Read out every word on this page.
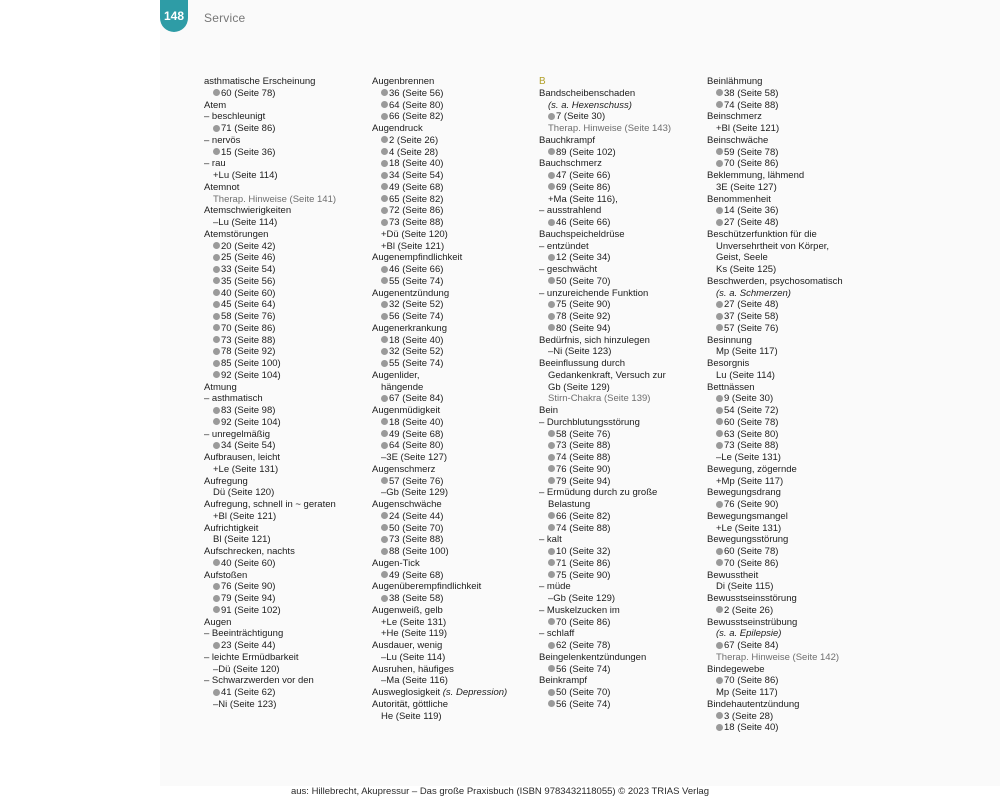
148	Service
asthmatische Erscheinung
60 (Seite 78)
Atem
– beschleunigt
71 (Seite 86)
– nervös
15 (Seite 36)
– rau
+Lu (Seite 114)
Atemnot
Therap. Hinweise (Seite 141)
Atemschwierigkeiten
–Lu (Seite 114)
Atemstörungen
20 (Seite 42)
25 (Seite 46)
33 (Seite 54)
35 (Seite 56)
40 (Seite 60)
45 (Seite 64)
58 (Seite 76)
70 (Seite 86)
73 (Seite 88)
78 (Seite 92)
85 (Seite 100)
92 (Seite 104)
Atmung
– asthmatisch
83 (Seite 98)
92 (Seite 104)
– unregelmäßig
34 (Seite 54)
Aufbrausen, leicht
+Le (Seite 131)
Aufregung
Dü (Seite 120)
Aufregung, schnell in ~ geraten
+Bl (Seite 121)
Aufrichtigkeit
Bl (Seite 121)
Aufschrecken, nachts
40 (Seite 60)
Aufstoßen
76 (Seite 90)
79 (Seite 94)
91 (Seite 102)
Augen
– Beeinträchtigung
23 (Seite 44)
– leichte Ermüdbarkeit
–Dü (Seite 120)
– Schwarzwerden vor den
41 (Seite 62)
–Ni (Seite 123)
Augenbrennen
36 (Seite 56)
64 (Seite 80)
66 (Seite 82)
Augendruck
2 (Seite 26)
4 (Seite 28)
18 (Seite 40)
34 (Seite 54)
49 (Seite 68)
65 (Seite 82)
72 (Seite 86)
73 (Seite 88)
+Dü (Seite 120)
+Bl (Seite 121)
Augenempfindlichkeit
46 (Seite 66)
55 (Seite 74)
Augenentzündung
32 (Seite 52)
56 (Seite 74)
Augenerkrankung
18 (Seite 40)
32 (Seite 52)
55 (Seite 74)
Augenlider,
hängende
67 (Seite 84)
Augenmüdigkeit
18 (Seite 40)
49 (Seite 68)
64 (Seite 80)
–3E (Seite 127)
Augenschmerz
57 (Seite 76)
–Gb (Seite 129)
Augenschwäche
24 (Seite 44)
50 (Seite 70)
73 (Seite 88)
88 (Seite 100)
Augen-Tick
49 (Seite 68)
Augenüberempfindlichkeit
38 (Seite 58)
Augenweiß, gelb
+Le (Seite 131)
+He (Seite 119)
Ausdauer, wenig
–Lu (Seite 114)
Ausruhen, häufiges
–Ma (Seite 116)
Ausweglosigkeit (s. Depression)
Autorität, göttliche
He (Seite 119)
B
Bandscheibenschaden
(s. a. Hexenschuss)
7 (Seite 30)
Therap. Hinweise (Seite 143)
Bauchkrampf
89 (Seite 102)
Bauchschmerz
47 (Seite 66)
69 (Seite 86)
+Ma (Seite 116),
– ausstrahlend
46 (Seite 66)
Bauchspeicheldrüse
– entzündet
12 (Seite 34)
– geschwächt
50 (Seite 70)
– unzureichende Funktion
75 (Seite 90)
78 (Seite 92)
80 (Seite 94)
Bedürfnis, sich hinzulegen
–Ni (Seite 123)
Beeinflussung durch
Gedankenkraft, Versuch zur
Gb (Seite 129)
Stirn-Chakra (Seite 139)
Bein
– Durchblutungsstörung
58 (Seite 76)
73 (Seite 88)
74 (Seite 88)
76 (Seite 90)
79 (Seite 94)
– Ermüdung durch zu große
Belastung
66 (Seite 82)
74 (Seite 88)
– kalt
10 (Seite 32)
71 (Seite 86)
75 (Seite 90)
– müde
–Gb (Seite 129)
– Muskelzucken im
70 (Seite 86)
– schlaff
62 (Seite 78)
Beingelenkentzündungen
56 (Seite 74)
Beinkrampf
50 (Seite 70)
56 (Seite 74)
Beinlähmung
38 (Seite 58)
74 (Seite 88)
Beinschmerz
+Bl (Seite 121)
Beinschwäche
59 (Seite 78)
70 (Seite 86)
Beklemmung, lähmend
3E (Seite 127)
Benommenheit
14 (Seite 36)
27 (Seite 48)
Beschützerfunktion für die
Unversehrtheit von Körper,
Geist, Seele
Ks (Seite 125)
Beschwerden, psychosomatisch
(s. a. Schmerzen)
27 (Seite 48)
37 (Seite 58)
57 (Seite 76)
Besinnung
Mp (Seite 117)
Besorgnis
Lu (Seite 114)
Bettnässen
9 (Seite 30)
54 (Seite 72)
60 (Seite 78)
63 (Seite 80)
73 (Seite 88)
–Le (Seite 131)
Bewegung, zögernde
+Mp (Seite 117)
Bewegungsdrang
76 (Seite 90)
Bewegungsmangel
+Le (Seite 131)
Bewegungsstörung
60 (Seite 78)
70 (Seite 86)
Bewusstheit
Di (Seite 115)
Bewusstseinsstörung
2 (Seite 26)
Bewusstseinstrübung
(s. a. Epilepsie)
67 (Seite 84)
Therap. Hinweise (Seite 142)
Bindegewebe
70 (Seite 86)
Mp (Seite 117)
Bindehautentzündung
3 (Seite 28)
18 (Seite 40)
aus: Hillebrecht, Akupressur – Das große Praxisbuch (ISBN 9783432118055) © 2023 TRIAS Verlag
